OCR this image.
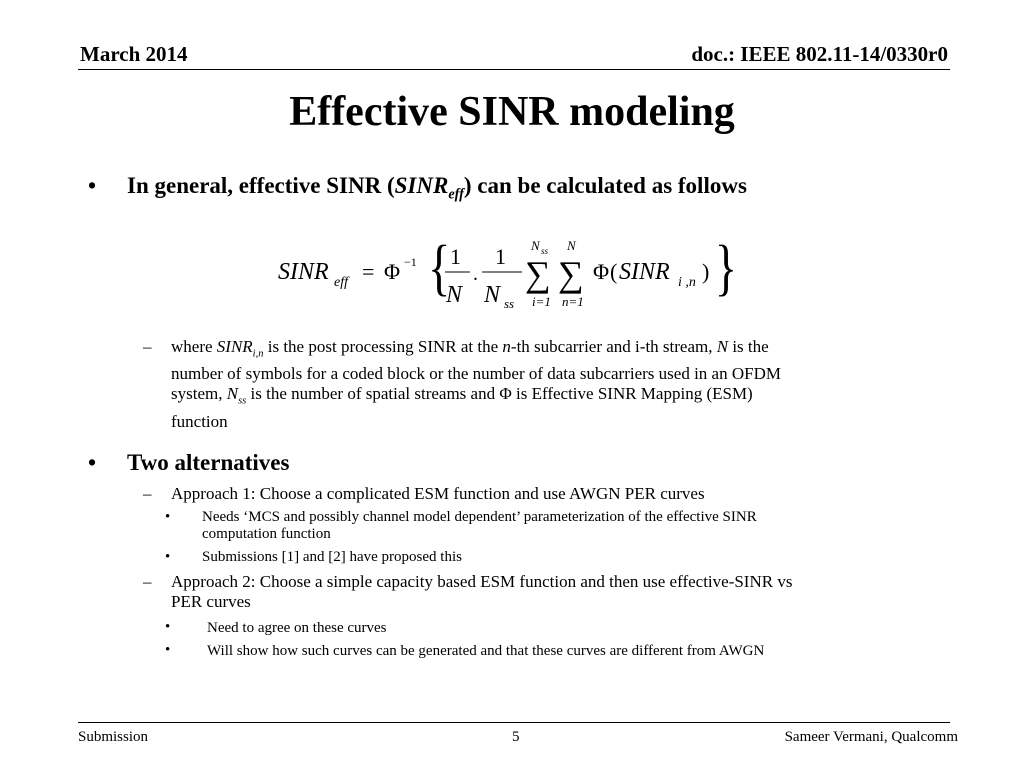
March 2014	doc.: IEEE 802.11-14/0330r0
Effective SINR modeling
• In general, effective SINR $(SINR_{eff})$ can be calculated as follows
SINR eff = Φ −1 { 1
N
.
1
N ss
N ss
∑
i=1
N
∑
n=1
Φ ( SINR i ,n ) }
– where $SINR_{i,n}$ is the post processing SINR at the n-th subcarrier and i-th stream, N is the
number of symbols for a coded block or the number of data subcarriers used in an OFDM
system, $N_{ss}$ is the number of spatial streams and Φ is Effective SINR Mapping (ESM)
function
• Two alternatives
– Approach 1: Choose a complicated ESM function and use AWGN PER curves
• Needs ‘MCS and possibly channel model dependent’ parameterization of the effective SINR
computation function
• Submissions [1] and [2] have proposed this
– Approach 2: Choose a simple capacity based ESM function and then use effective-SINR vs
PER curves
• Need to agree on these curves
• Will show how such curves can be generated and that these curves are different from AWGN
Submission	5	Sameer Vermani, Qualcomm
